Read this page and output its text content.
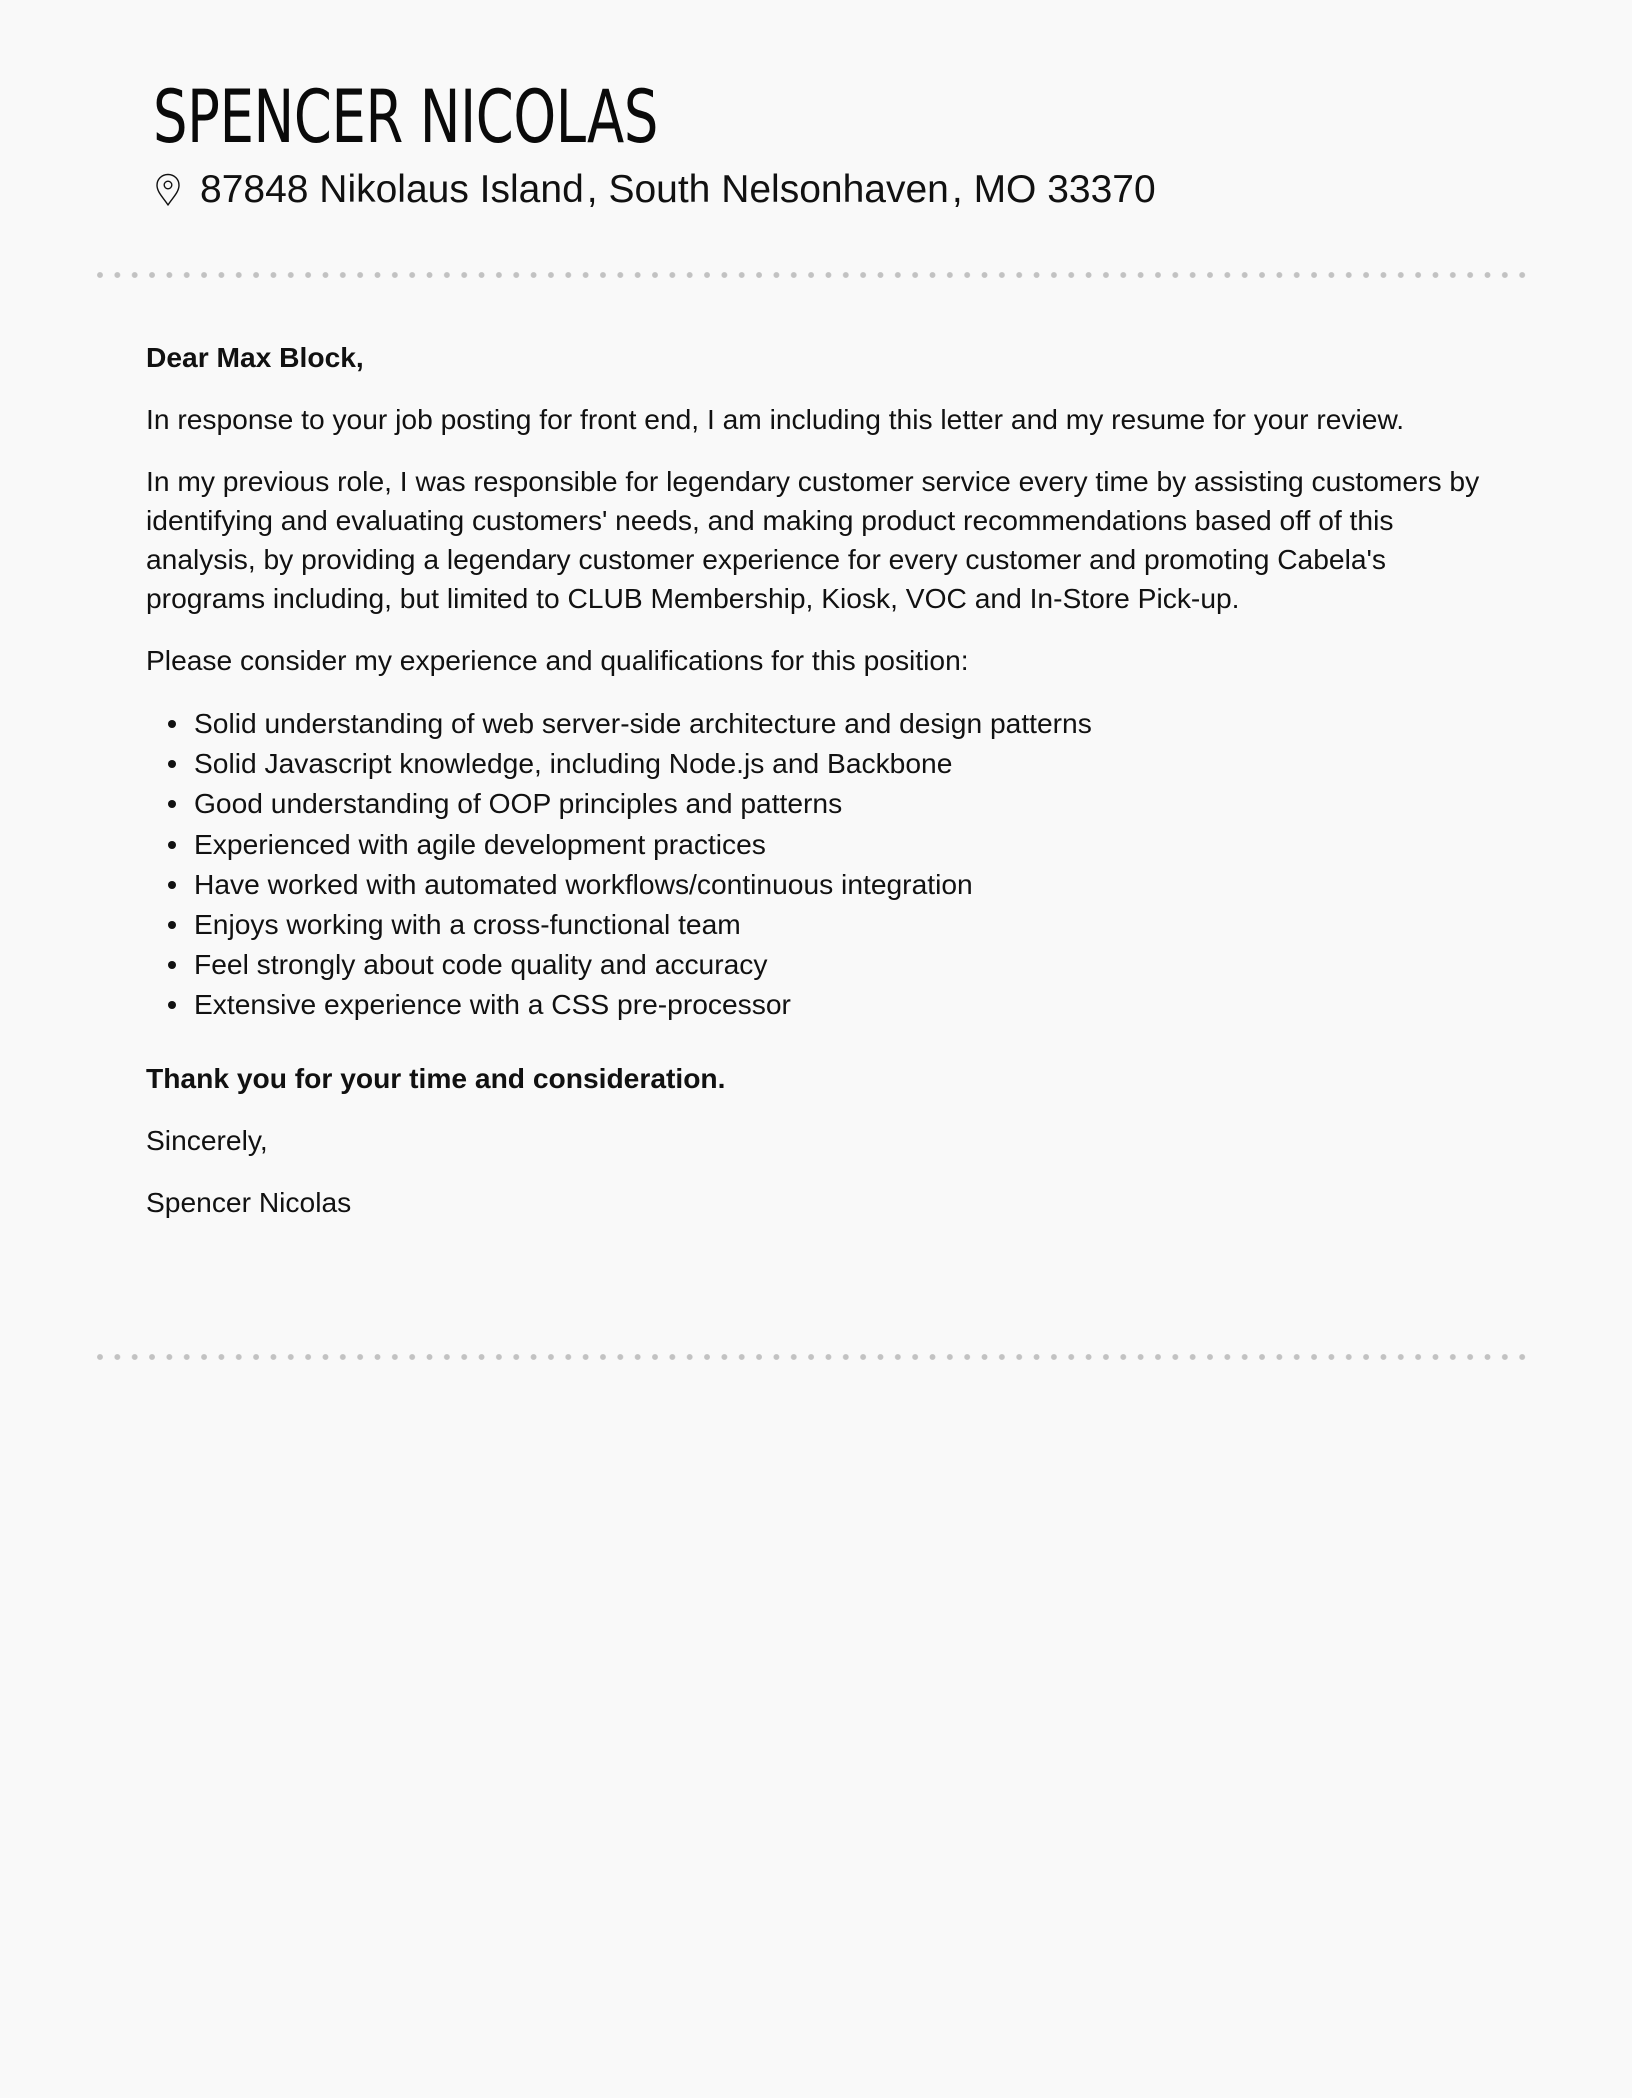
SPENCER NICOLAS
87848 Nikolaus Island ,
South Nelsonhaven ,
MO 33370

Dear Max Block,

In response to your job posting for front end, I am including this letter and my resume for your review.

In my previous role, I was responsible for legendary customer service every time by assisting customers by identifying and evaluating customers' needs, and making product recommendations based off of this analysis, by providing a legendary customer experience for every customer and promoting Cabela's programs including, but limited to CLUB Membership, Kiosk, VOC and In-Store Pick-up.

Please consider my experience and qualifications for this position:

Solid understanding of web server-side architecture and design patterns
Solid Javascript knowledge, including Node.js and Backbone
Good understanding of OOP principles and patterns
Experienced with agile development practices
Have worked with automated workflows/continuous integration
Enjoys working with a cross-functional team
Feel strongly about code quality and accuracy
Extensive experience with a CSS pre-processor

Thank you for your time and consideration.

Sincerely,

Spencer Nicolas
